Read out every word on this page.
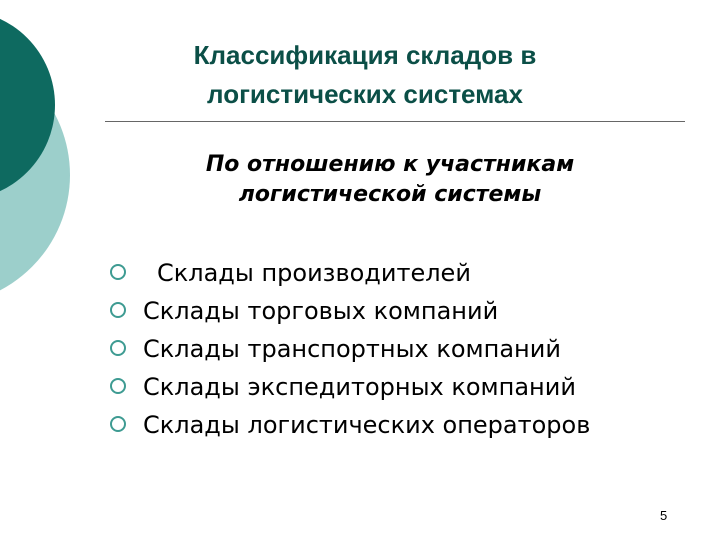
Классификация складов в
логистических системах
По отношению к участникам
логистической системы
Склады производителей
Склады торговых компаний
Склады транспортных компаний
Склады экспедиторных компаний
Склады логистических операторов
5
